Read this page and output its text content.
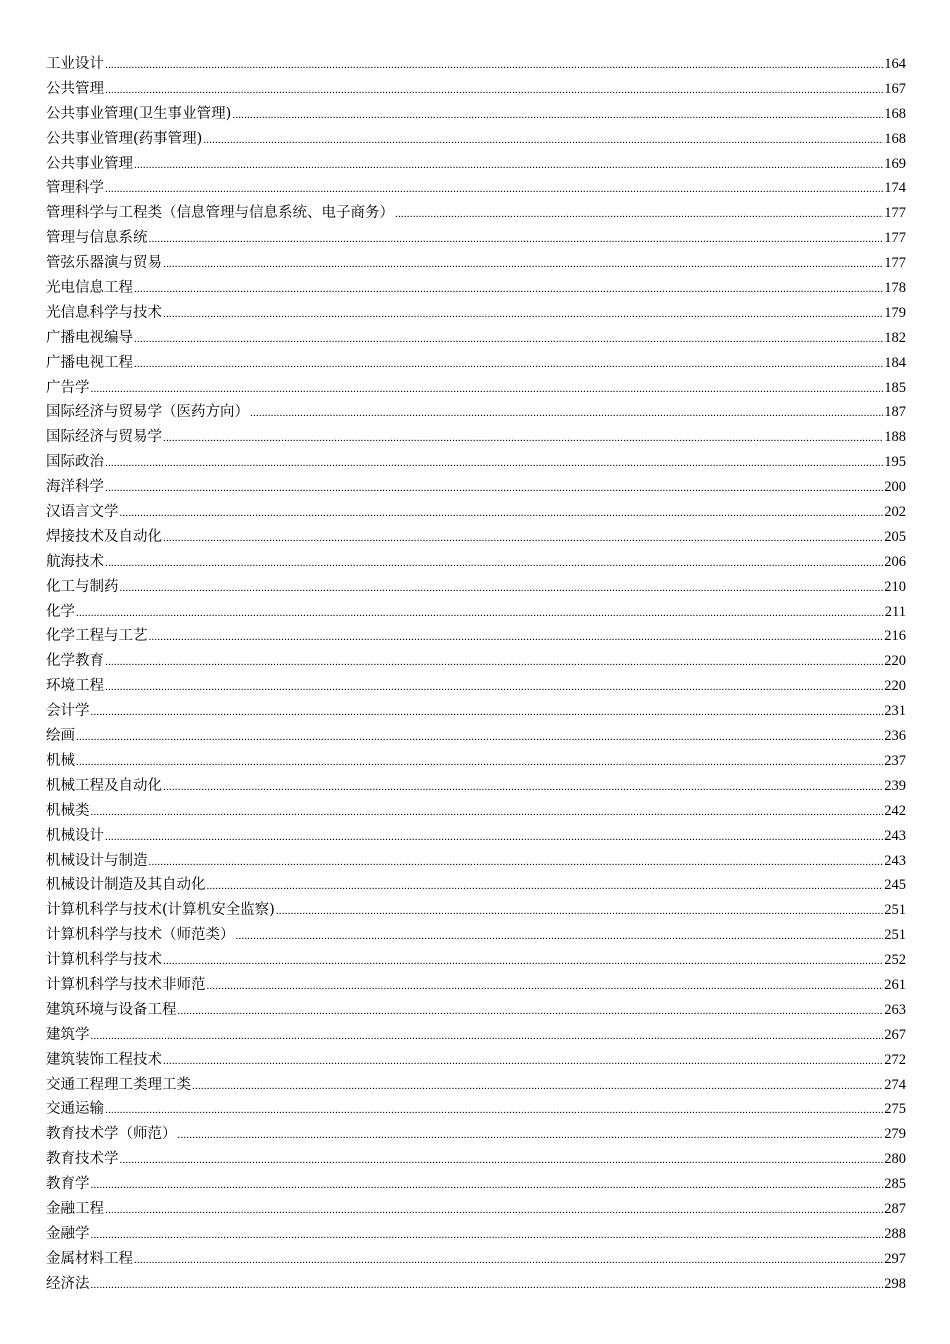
工业设计 .....	164
公共管理 .....	167
公共事业管理(卫生事业管理) .....	168
公共事业管理(药事管理) .....	168
公共事业管理 .....	169
管理科学 .....	174
管理科学与工程类（信息管理与信息系统、电子商务） .....	177
管理与信息系统 .....	177
管弦乐器演与贸易 .....	177
光电信息工程 .....	178
光信息科学与技术 .....	179
广播电视编导 .....	182
广播电视工程 .....	184
广告学 .....	185
国际经济与贸易学（医药方向） .....	187
国际经济与贸易学 .....	188
国际政治 .....	195
海洋科学 .....	200
汉语言文学 .....	202
焊接技术及自动化 .....	205
航海技术 .....	206
化工与制药 .....	210
化学 .....	211
化学工程与工艺 .....	216
化学教育 .....	220
环境工程 .....	220
会计学 .....	231
绘画 .....	236
机械 .....	237
机械工程及自动化 .....	239
机械类 .....	242
机械设计 .....	243
机械设计与制造 .....	243
机械设计制造及其自动化 .....	245
计算机科学与技术(计算机安全监察) .....	251
计算机科学与技术（师范类） .....	251
计算机科学与技术 .....	252
计算机科学与技术非师范 .....	261
建筑环境与设备工程 .....	263
建筑学 .....	267
建筑装饰工程技术 .....	272
交通工程理工类理工类 .....	274
交通运输 .....	275
教育技术学（师范） .....	279
教育技术学 .....	280
教育学 .....	285
金融工程 .....	287
金融学 .....	288
金属材料工程 .....	297
经济法 .....	298
